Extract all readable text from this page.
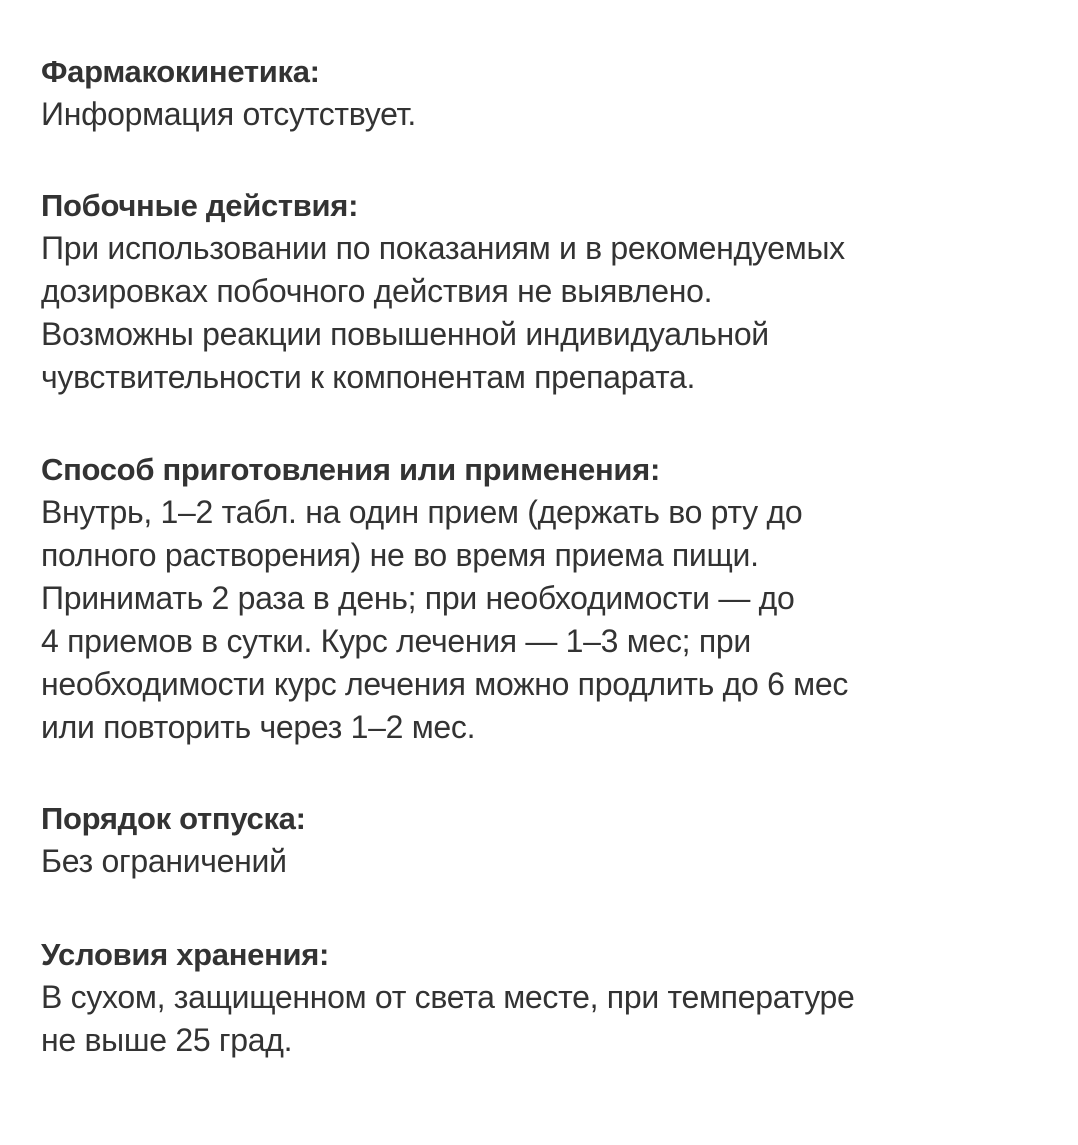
Фармакокинетика:

Информация отсутствует.

Побочные действия:

При использовании по показаниям и в рекомендуемых
дозировках побочного действия не выявлено.
Возможны реакции повышенной индивидуальной
чувствительности к компонентам препарата.

Способ приготовления или применения:

Внутрь, 1–2 табл. на один прием (держать во рту до
полного растворения) не во время приема пищи.
Принимать 2 раза в день; при необходимости — до
4 приемов в сутки. Курс лечения — 1–3 мес; при
необходимости курс лечения можно продлить до 6 мес
или повторить через 1–2 мес.

Порядок отпуска:

Без ограничений

Условия хранения:

В сухом, защищенном от света месте, при температуре
не выше 25 град.
